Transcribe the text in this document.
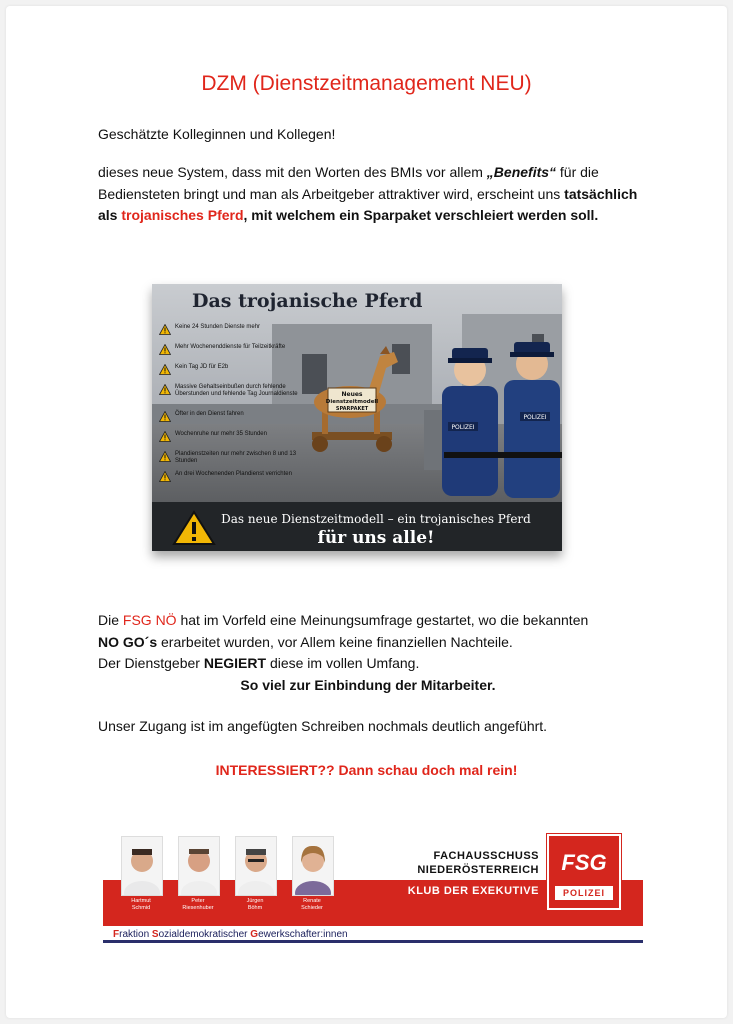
DZM (Dienstzeitmanagement NEU)
Geschätzte Kolleginnen und Kollegen!
dieses neue System, dass mit den Worten des BMIs vor allem „Benefits“ für die Bediensteten bringt und man als Arbeitgeber attraktiver wird, erscheint uns tatsächlich als trojanisches Pferd, mit welchem ein Sparpaket verschleiert werden soll.
Das trojanische Pferd
Keine 24 Stunden Dienste mehr
Mehr Wochenenddienste für Teilzeitkräfte
Kein Tag JD für E2b
Massive Gehaltseinbußen durch fehlende Überstunden und fehlende Tag Journaldienste
Öfter in den Dienst fahren
Wochenruhe nur mehr 35 Stunden
Plandienstzeiten nur mehr zwischen 8 und 13 Stunden
An drei Wochenenden Plandienst verrichten
Neues
Dienstzeitmodell
SPARPAKET
POLIZEI
POLIZEI
Das neue Dienstzeitmodell – ein trojanisches Pferd
für uns alle!
Die FSG NÖ hat im Vorfeld eine Meinungsumfrage gestartet, wo die bekannten
NO GO´s erarbeitet wurden, vor Allem keine finanziellen Nachteile.
Der Dienstgeber NEGIERT diese im vollen Umfang.
So viel zur Einbindung der Mitarbeiter.
Unser Zugang ist im angefügten Schreiben nochmals deutlich angeführt.
INTERESSIERT?? Dann schau doch mal rein!
Hartmut
Schmid
Peter
Riesenhuber
Jürgen
Böhm
Renate
Schieder
FACHAUSSCHUSS
NIEDERÖSTERREICH
KLUB DER EXEKUTIVE
FSG
POLIZEI
Fraktion Sozialdemokratischer Gewerkschafter:innen
